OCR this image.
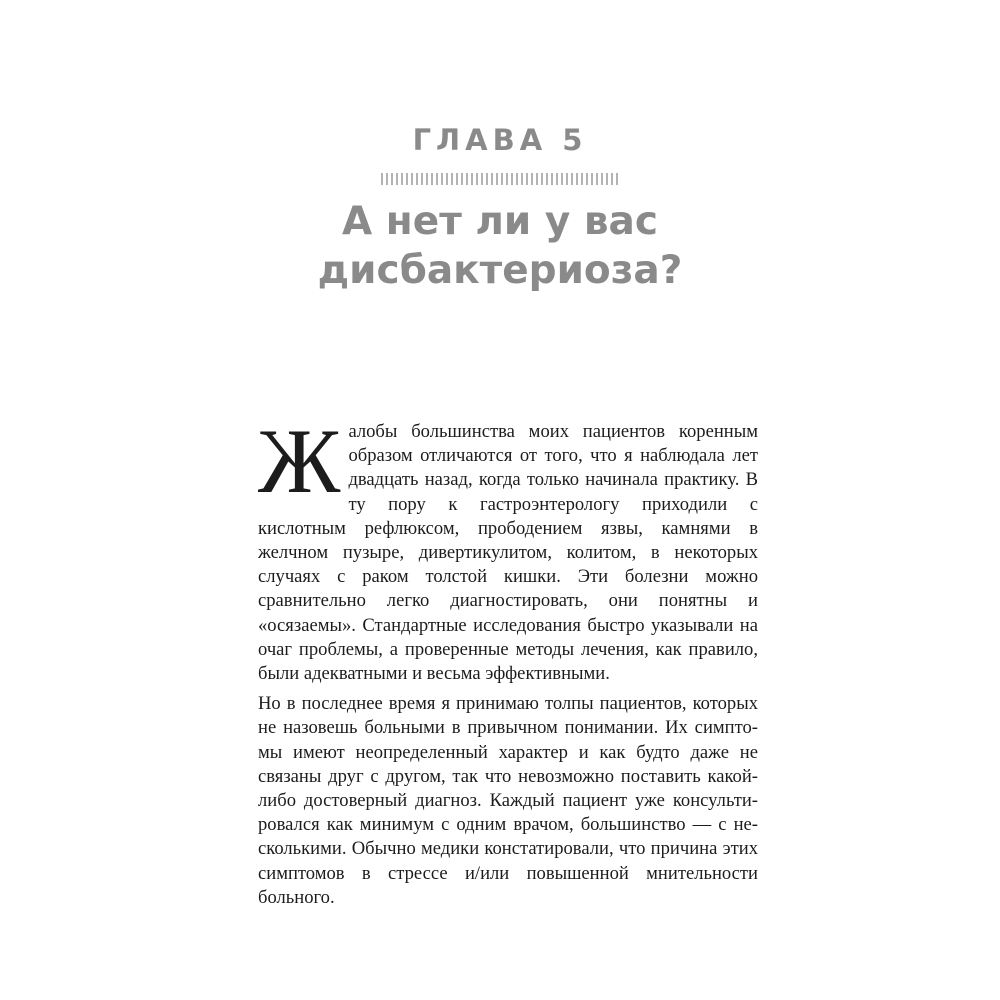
ГЛАВА 5
А нет ли у вас
дисбактериоза?

Жалобы большинства моих пациентов коренным образом отличаются от того, что я наблюдала лет двадцать назад, когда только начинала практику. В ту пору к гастроэнтерологу приходили с кислотным рефлюксом, прободением язвы, камнями в желчном пузыре, дивертикулитом, колитом, в некоторых случаях с раком толстой кишки. Эти болезни можно сравнительно легко диагностировать, они понятны и «осязаемы». Стандартные исследования быстро указывали на очаг проблемы, а проверенные методы лечения, как правило, были адекватными и весьма эффективными.

Но в последнее время я принимаю толпы пациентов, которых не назовешь больными в привычном понимании. Их симптомы имеют неопределенный характер и как будто даже не связаны друг с другом, так что невозможно поставить какой-либо достоверный диагноз. Каждый пациент уже консультировался как минимум с одним врачом, большинство — с несколькими. Обычно медики констатировали, что причина этих симптомов в стрессе и/или повышенной мнительности больного.
